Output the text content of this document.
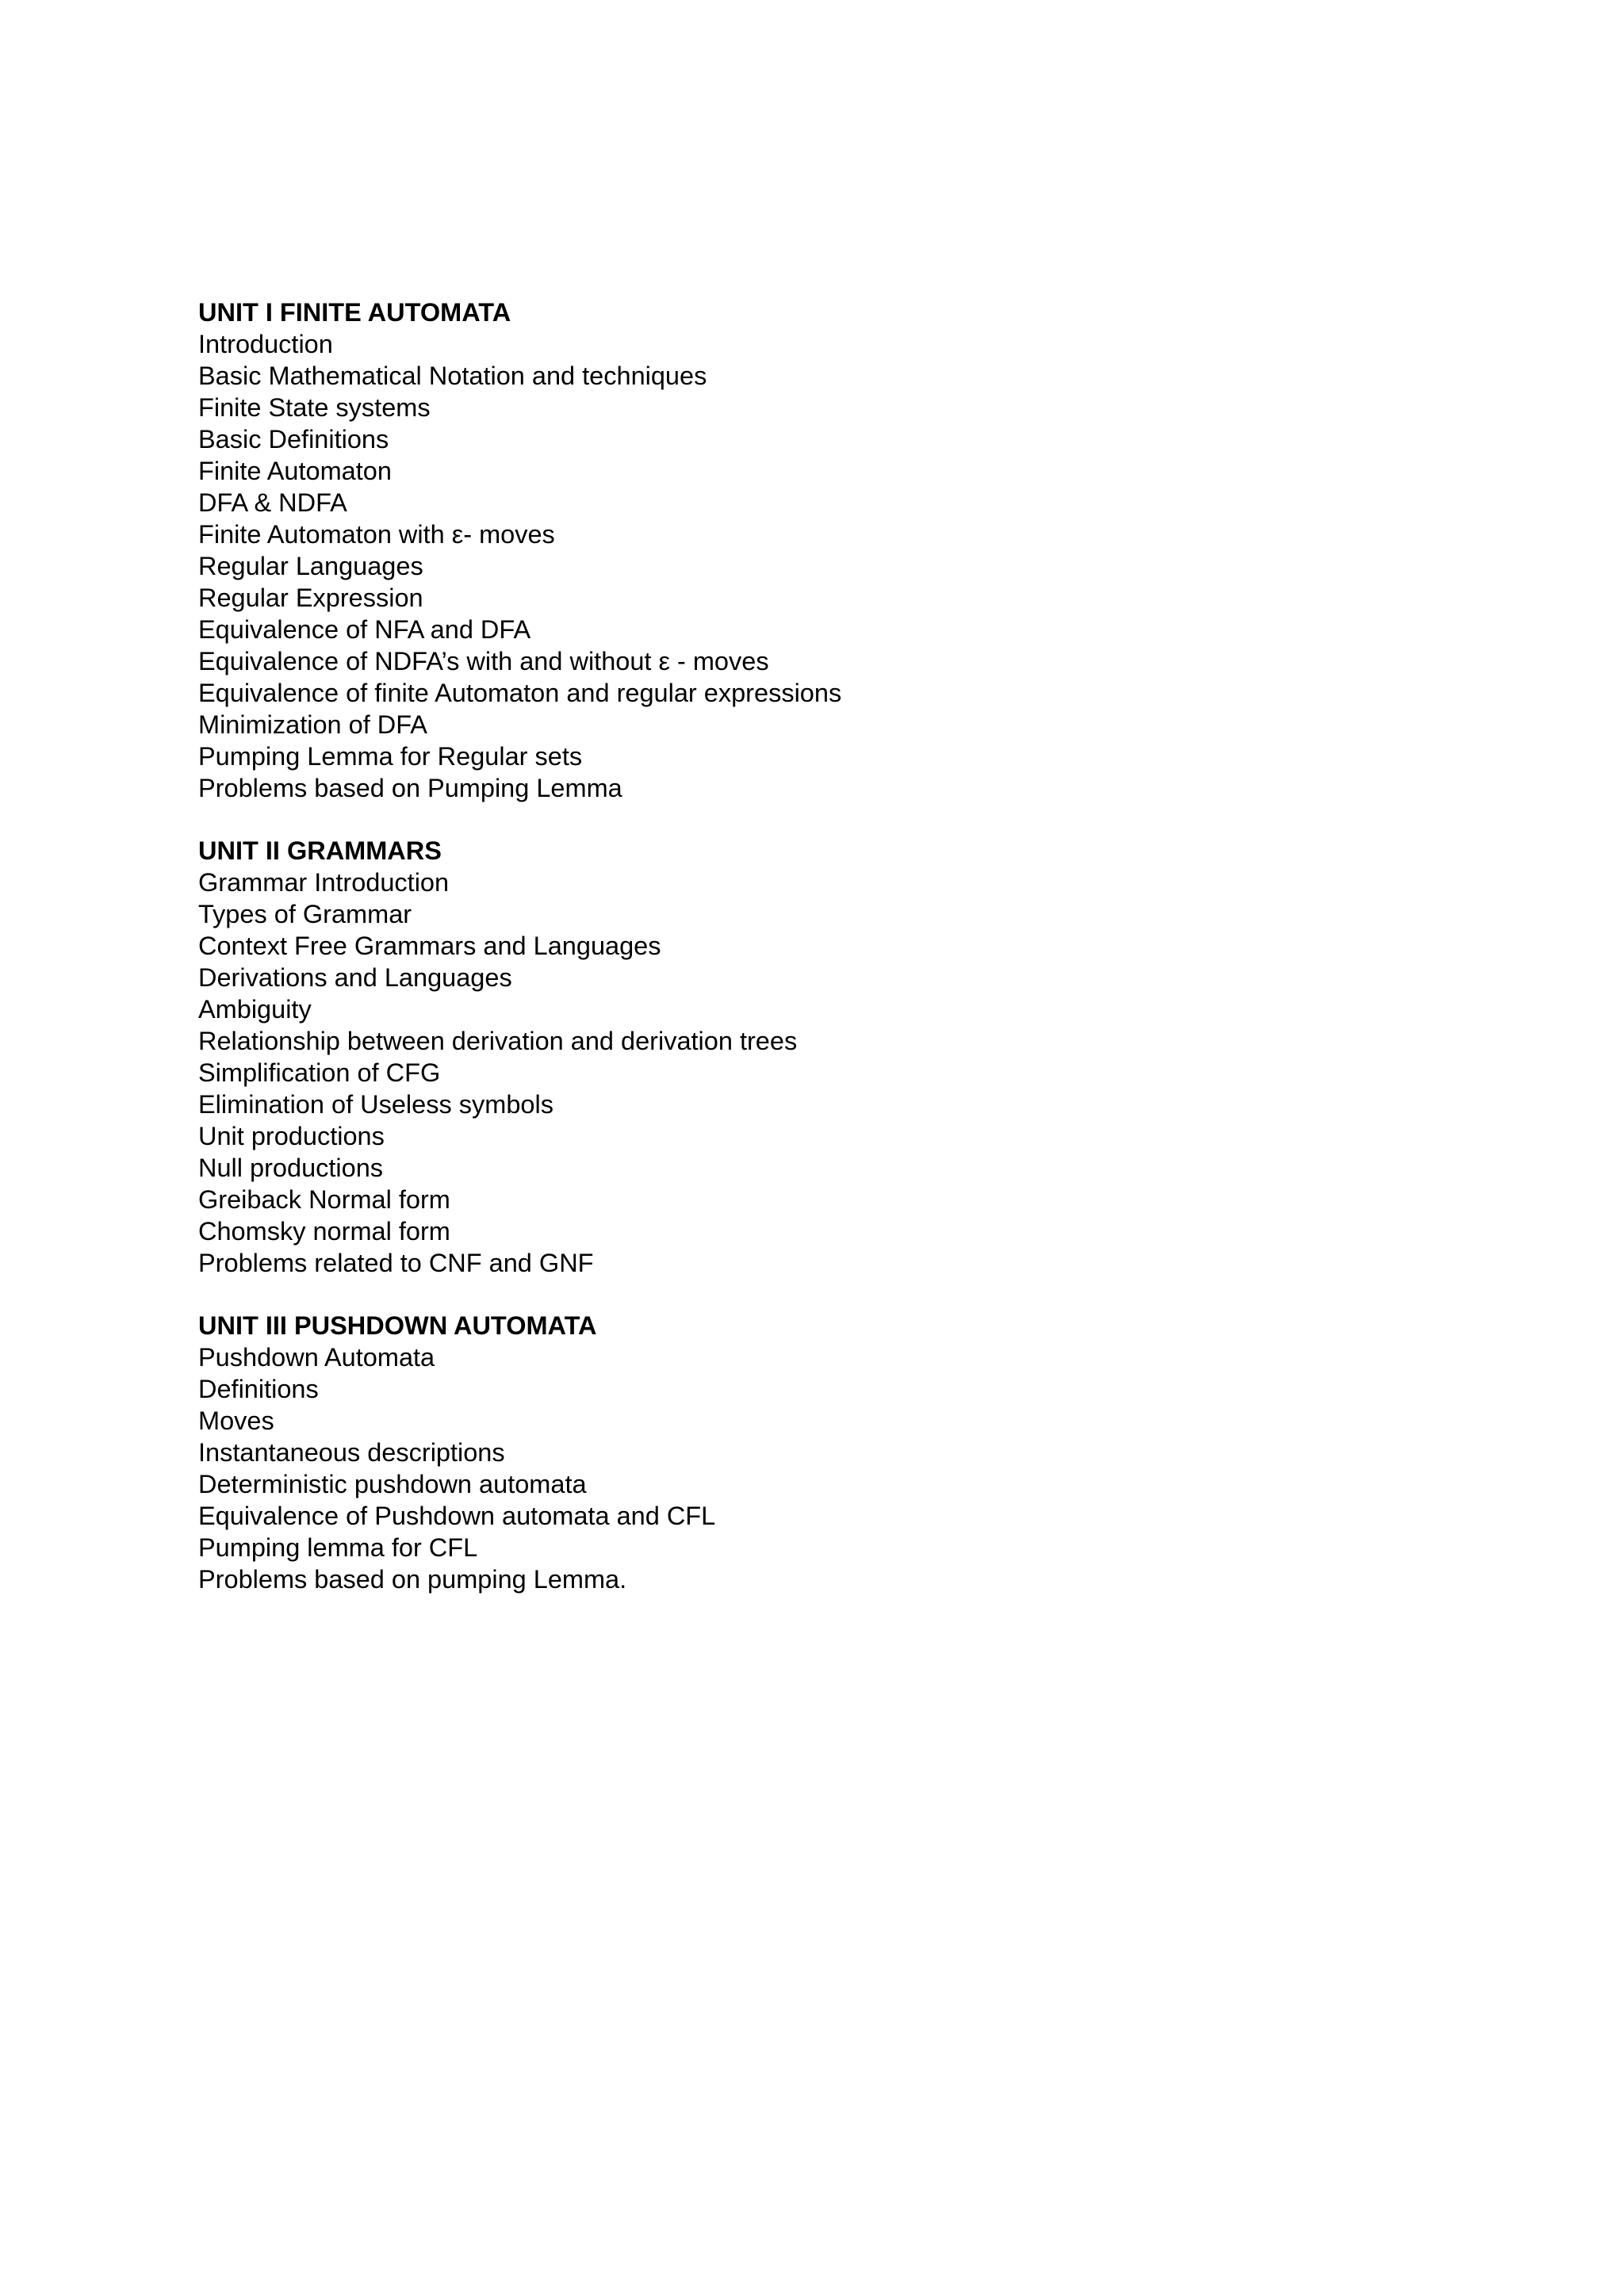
UNIT I FINITE AUTOMATA
Introduction
Basic Mathematical Notation and techniques
Finite State systems
Basic Definitions
Finite Automaton
DFA & NDFA
Finite Automaton with ε- moves
Regular Languages
Regular Expression
Equivalence of NFA and DFA
Equivalence of NDFA’s with and without ε - moves
Equivalence of finite Automaton and regular expressions
Minimization of DFA
Pumping Lemma for Regular sets
Problems based on Pumping Lemma
UNIT II GRAMMARS
Grammar Introduction
Types of Grammar
Context Free Grammars and Languages
Derivations and Languages
Ambiguity
Relationship between derivation and derivation trees
Simplification of CFG
Elimination of Useless symbols
Unit productions
Null productions
Greiback Normal form
Chomsky normal form
Problems related to CNF and GNF
UNIT III PUSHDOWN AUTOMATA
Pushdown Automata
Definitions
Moves
Instantaneous descriptions
Deterministic pushdown automata
Equivalence of Pushdown automata and CFL
Pumping lemma for CFL
Problems based on pumping Lemma.
